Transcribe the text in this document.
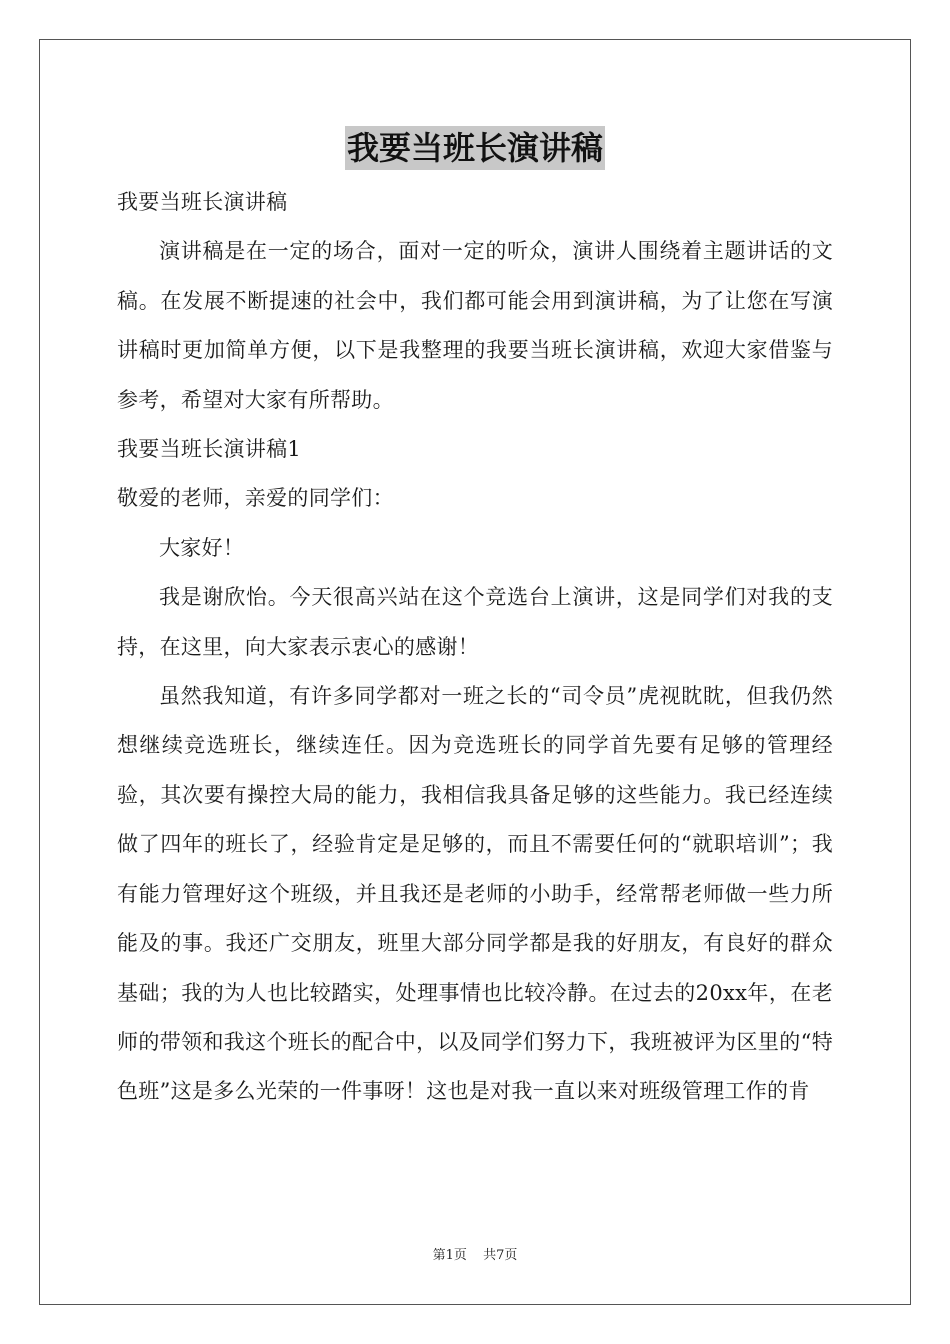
我要当班长演讲稿

我要当班长演讲稿

演讲稿是在一定的场合，面对一定的听众，演讲人围绕着主题讲话的文稿。在发展不断提速的社会中，我们都可能会用到演讲稿，为了让您在写演讲稿时更加简单方便，以下是我整理的我要当班长演讲稿，欢迎大家借鉴与参考，希望对大家有所帮助。

我要当班长演讲稿1

敬爱的老师，亲爱的同学们：

大家好！

我是谢欣怡。今天很高兴站在这个竞选台上演讲，这是同学们对我的支持，在这里，向大家表示衷心的感谢！

虽然我知道，有许多同学都对一班之长的“司令员”虎视眈眈，但我仍然想继续竞选班长，继续连任。因为竞选班长的同学首先要有足够的管理经验，其次要有操控大局的能力，我相信我具备足够的这些能力。我已经连续做了四年的班长了，经验肯定是足够的，而且不需要任何的“就职培训”；我有能力管理好这个班级，并且我还是老师的小助手，经常帮老师做一些力所能及的事。我还广交朋友，班里大部分同学都是我的好朋友，有良好的群众基础；我的为人也比较踏实，处理事情也比较冷静。在过去的20xx年，在老师的带领和我这个班长的配合中，以及同学们努力下，我班被评为区里的“特色班”这是多么光荣的一件事呀！这也是对我一直以来对班级管理工作的肯

第1页 共7页
